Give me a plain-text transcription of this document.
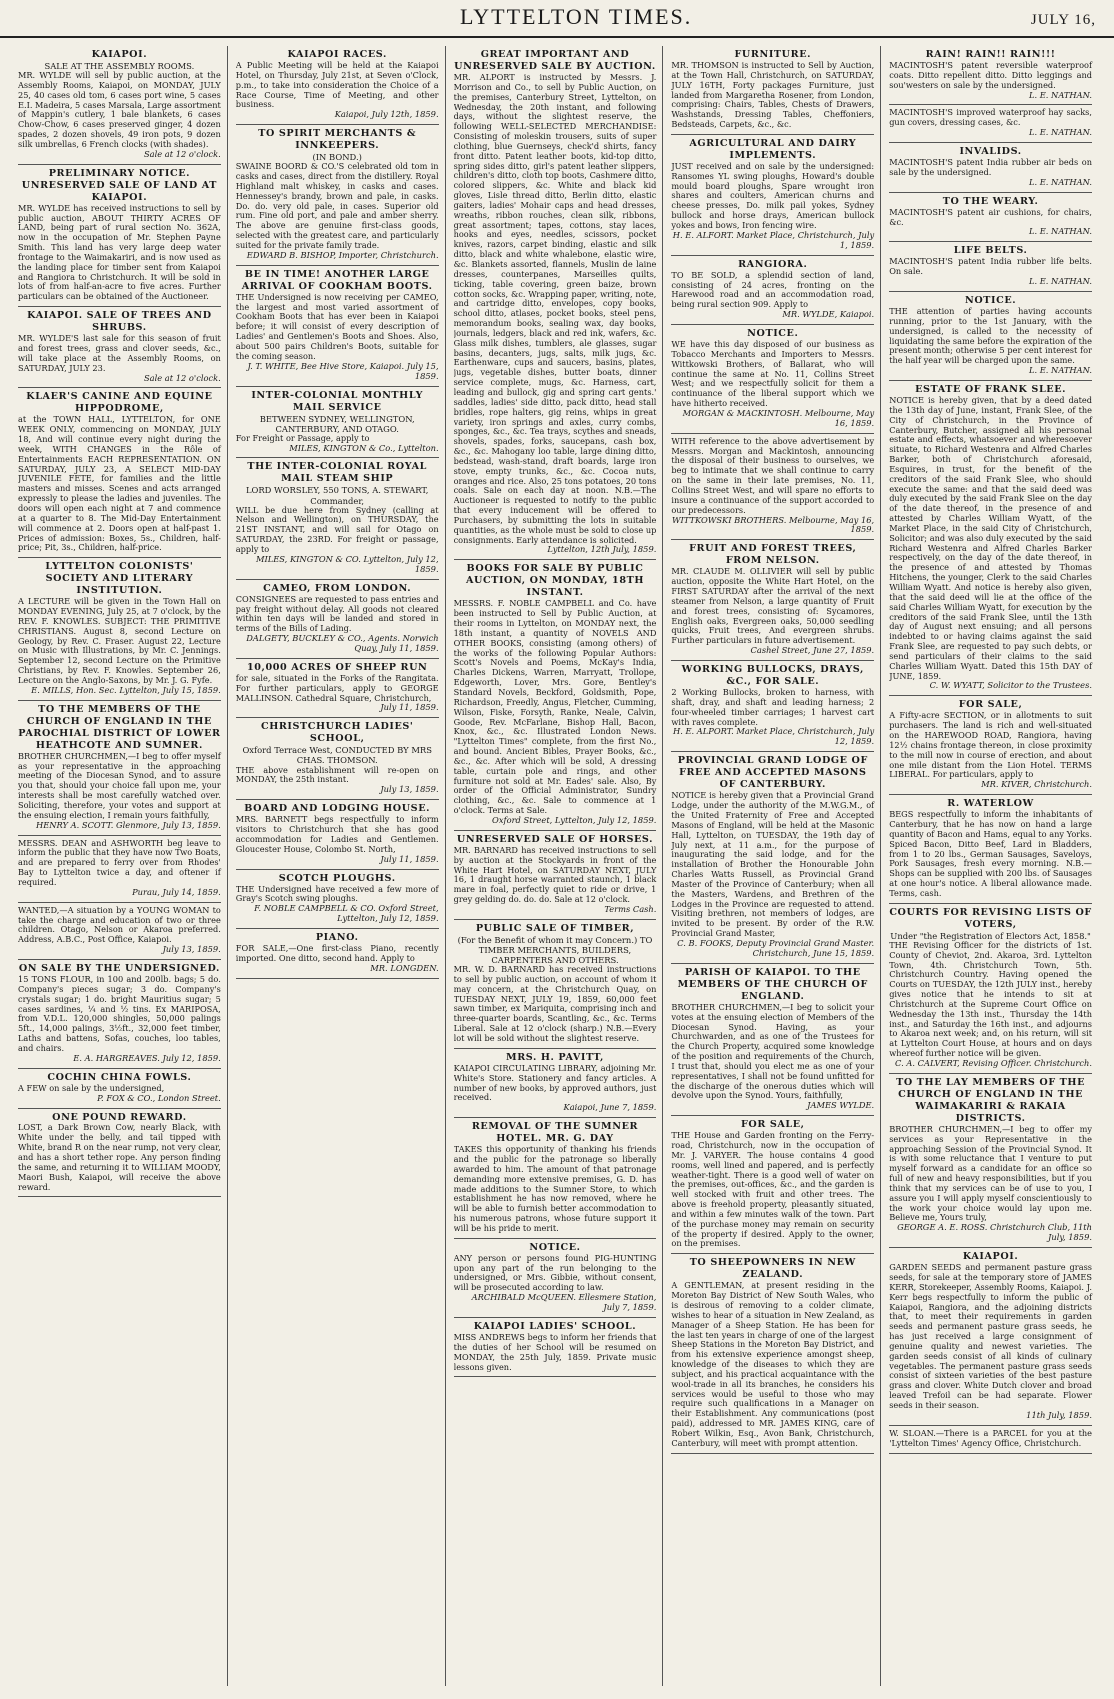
LYTTELTON TIMES.	JULY 16,
KAIAPOI.
SALE AT THE ASSEMBLY ROOMS.
MR. WYLDE will sell by public auction, at the Assembly Rooms, Kaiapoi, on MONDAY, JULY 25, 40 cases old tom, 6 cases port wine, 5 cases E.I. Madeira, 5 cases Marsala, Large assortment of Mappin's cutlery, 1 bale blankets, 6 cases Chow-Chow, 6 cases preserved ginger, 4 dozen spades, 2 dozen shovels, 49 iron pots, 9 dozen silk umbrellas, 6 French clocks (with shades).
Sale at 12 o'clock.
PRELIMINARY NOTICE. UNRESERVED SALE OF LAND AT KAIAPOI.
MR. WYLDE has received instructions to sell by public auction, ABOUT THIRTY ACRES OF LAND, being part of rural section No. 362A, now in the occupation of Mr. Stephen Payne Smith. This land has very large deep water frontage to the Waimakariri, and is now used as the landing place for timber sent from Kaiapoi and Rangiora to Christchurch. It will be sold in lots of from half-an-acre to five acres. Further particulars can be obtained of the Auctioneer.
KAIAPOI. SALE OF TREES AND SHRUBS.
MR. WYLDE'S last sale for this season of fruit and forest trees, grass and clover seeds, &c., will take place at the Assembly Rooms, on SATURDAY, JULY 23.
Sale at 12 o'clock.
KLAER'S CANINE AND EQUINE HIPPODROME,
at the TOWN HALL, LYTTELTON, for ONE WEEK ONLY, commencing on MONDAY, JULY 18, And will continue every night during the week, WITH CHANGES in the Rôle of Entertainments EACH REPRESENTATION. ON SATURDAY, JULY 23, A SELECT MID-DAY JUVENILE FETE, for families and the little masters and misses. Scenes and acts arranged expressly to please the ladies and juveniles. The doors will open each night at 7 and commence at a quarter to 8. The Mid-Day Entertainment will commence at 2. Doors open at half-past 1. Prices of admission: Boxes, 5s., Children, half-price; Pit, 3s., Children, half-price.
LYTTELTON COLONISTS' SOCIETY AND LITERARY INSTITUTION.
A LECTURE will be given in the Town Hall on MONDAY EVENING, July 25, at 7 o'clock, by the REV. F. KNOWLES. SUBJECT: THE PRIMITIVE CHRISTIANS. August 8, second Lecture on Geology, by Rev. C. Fraser. August 22, Lecture on Music with Illustrations, by Mr. C. Jennings. September 12, second Lecture on the Primitive Christians, by Rev. F. Knowles. September 26, Lecture on the Anglo-Saxons, by Mr. J. G. Fyfe.
E. MILLS, Hon. Sec. Lyttelton, July 15, 1859.
TO THE MEMBERS OF THE CHURCH OF ENGLAND IN THE PAROCHIAL DISTRICT OF LOWER HEATHCOTE AND SUMNER.
BROTHER CHURCHMEN,—I beg to offer myself as your representative in the approaching meeting of the Diocesan Synod, and to assure you that, should your choice fall upon me, your interests shall be most carefully watched over. Soliciting, therefore, your votes and support at the ensuing election, I remain yours faithfully,
HENRY A. SCOTT. Glenmore, July 13, 1859.
MESSRS. DEAN and ASHWORTH beg leave to inform the public that they have now Two Boats, and are prepared to ferry over from Rhodes' Bay to Lyttelton twice a day, and oftener if required.
Purau, July 14, 1859.
WANTED,—A situation by a YOUNG WOMAN to take the charge and education of two or three children. Otago, Nelson or Akaroa preferred. Address, A.B.C., Post Office, Kaiapoi.
July 13, 1859.
ON SALE BY THE UNDERSIGNED.
15 TONS FLOUR, in 100 and 200lb. bags; 5 do. Company's pieces sugar; 3 do. Company's crystals sugar; 1 do. bright Mauritius sugar; 5 cases sardines, ¼ and ½ tins. Ex MARIPOSA, from V.D.L. 120,000 shingles, 50,000 palings 5ft., 14,000 palings, 3½ft., 32,000 feet timber, Laths and battens, Sofas, couches, loo tables, and chairs.
E. A. HARGREAVES. July 12, 1859.
COCHIN CHINA FOWLS.
A FEW on sale by the undersigned,
P. FOX & CO., London Street.
ONE POUND REWARD.
LOST, a Dark Brown Cow, nearly Black, with White under the belly, and tail tipped with White, brand R on the near rump, not very clear, and has a short tether rope. Any person finding the same, and returning it to WILLIAM MOODY, Maori Bush, Kaiapoi, will receive the above reward.
KAIAPOI RACES.
A Public Meeting will be held at the Kaiapoi Hotel, on Thursday, July 21st, at Seven o'Clock, p.m., to take into consideration the Choice of a Race Course, Time of Meeting, and other business.
Kaiapoi, July 12th, 1859.
TO SPIRIT MERCHANTS & INNKEEPERS.
(IN BOND.)
SWAINE BOORD & CO.'S celebrated old tom in casks and cases, direct from the distillery. Royal Highland malt whiskey, in casks and cases. Hennessey's brandy, brown and pale, in casks. Do. do. very old pale, in cases. Superior old rum. Fine old port, and pale and amber sherry. The above are genuine first-class goods, selected with the greatest care, and particularly suited for the private family trade.
EDWARD B. BISHOP, Importer, Christchurch.
BE IN TIME! ANOTHER LARGE ARRIVAL OF COOKHAM BOOTS.
THE Undersigned is now receiving per CAMEO, the largest and most varied assortment of Cookham Boots that has ever been in Kaiapoi before; it will consist of every description of Ladies' and Gentlemen's Boots and Shoes. Also, about 500 pairs Children's Boots, suitable for the coming season.
J. T. WHITE, Bee Hive Store, Kaiapoi. July 15, 1859.
INTER-COLONIAL MONTHLY MAIL SERVICE
BETWEEN SYDNEY, WELLINGTON, CANTERBURY, AND OTAGO.
For Freight or Passage, apply to
MILES, KINGTON & Co., Lyttelton.
THE INTER-COLONIAL ROYAL MAIL STEAM SHIP
LORD WORSLEY, 550 TONS, A. STEWART, Commander,
WILL be due here from Sydney (calling at Nelson and Wellington), on THURSDAY, the 21ST INSTANT, and will sail for Otago on SATURDAY, the 23RD. For freight or passage, apply to
MILES, KINGTON & CO. Lyttelton, July 12, 1859.
CAMEO, FROM LONDON.
CONSIGNEES are requested to pass entries and pay freight without delay. All goods not cleared within ten days will be landed and stored in terms of the Bills of Lading.
DALGETY, BUCKLEY & CO., Agents. Norwich Quay, July 11, 1859.
10,000 ACRES OF SHEEP RUN
for sale, situated in the Forks of the Rangitata. For further particulars, apply to GEORGE MALLINSON. Cathedral Square, Christchurch,
July 11, 1859.
CHRISTCHURCH LADIES' SCHOOL,
Oxford Terrace West, CONDUCTED BY MRS CHAS. THOMSON.
THE above establishment will re-open on MONDAY, the 25th instant.
July 13, 1859.
BOARD AND LODGING HOUSE.
MRS. BARNETT begs respectfully to inform visitors to Christchurch that she has good accommodation for Ladies and Gentlemen. Gloucester House, Colombo St. North,
July 11, 1859.
SCOTCH PLOUGHS.
THE Undersigned have received a few more of Gray's Scotch swing ploughs.
F. NOBLE CAMPBELL & CO. Oxford Street, Lyttelton, July 12, 1859.
PIANO.
FOR SALE,—One first-class Piano, recently imported. One ditto, second hand. Apply to
MR. LONGDEN.
GREAT IMPORTANT AND UNRESERVED SALE BY AUCTION.
MR. ALPORT is instructed by Messrs. J. Morrison and Co., to sell by Public Auction, on the premises, Canterbury Street, Lyttelton, on Wednesday, the 20th instant, and following days, without the slightest reserve, the following WELL-SELECTED MERCHANDISE: Consisting of moleskin trousers, suits of super clothing, blue Guernseys, check'd shirts, fancy front ditto. Patent leather boots, kid-top ditto, spring sides ditto, girl's patent leather slippers, children's ditto, cloth top boots, Cashmere ditto, colored slippers, &c. White and black kid gloves, Lisle thread ditto, Berlin ditto, elastic gaiters, ladies' Mohair caps and head dresses, wreaths, ribbon rouches, clean silk, ribbons, great assortment; tapes, cottons, stay laces, hooks and eyes, needles, scissors, pocket knives, razors, carpet binding, elastic and silk ditto, black and white whalebone, elastic wire, &c. Blankets assorted, flannels, Muslin de laine dresses, counterpanes, Marseilles quilts, ticking, table covering, green baize, brown cotton socks, &c. Wrapping paper, writing, note, and cartridge ditto, envelopes, copy books, school ditto, atlases, pocket books, steel pens, memorandum books, sealing wax, day books, journals, ledgers, black and red ink, wafers, &c. Glass milk dishes, tumblers, ale glasses, sugar basins, decanters, jugs, salts, milk jugs, &c. Earthenware, cups and saucers, basins, plates, jugs, vegetable dishes, butter boats, dinner service complete, mugs, &c. Harness, cart, leading and bullock, gig and spring cart gents.' saddles, ladies' side ditto, pack ditto, head stall bridles, rope halters, gig reins, whips in great variety, iron springs and axles, curry combs, sponges, &c., &c. Tea trays, scythes and sneads, shovels, spades, forks, saucepans, cash box, &c., &c. Mahogany loo table, large dining ditto, bedstead, wash-stand, draft boards, large iron stove, empty trunks, &c., &c. Cocoa nuts, oranges and rice. Also, 25 tons potatoes, 20 tons coals. Sale on each day at noon. N.B.—The Auctioneer is requested to notify to the public that every inducement will be offered to Purchasers, by submitting the lots in suitable quantities, as the whole must be sold to close up consignments. Early attendance is solicited.
Lyttelton, 12th July, 1859.
BOOKS FOR SALE BY PUBLIC AUCTION, ON MONDAY, 18TH INSTANT.
MESSRS. F. NOBLE CAMPBELL and Co. have been instructed to Sell by Public Auction, at their rooms in Lyttelton, on MONDAY next, the 18th instant, a quantity of NOVELS AND OTHER BOOKS, consisting (among others) of the works of the following Popular Authors: Scott's Novels and Poems, McKay's India, Charles Dickens, Warren, Marryatt, Trollope, Edgeworth, Lover, Mrs. Gore, Bentley's Standard Novels, Beckford, Goldsmith, Pope, Richardson, Freedly, Angus, Fletcher, Cumming, Wilson, Fiske, Forsyth, Ranke, Neale, Calvin, Goode, Rev. McFarlane, Bishop Hall, Bacon, Knox, &c., &c. Illustrated London News. "Lyttelton Times" complete, from the first No., and bound. Ancient Bibles, Prayer Books, &c., &c., &c. After which will be sold, A dressing table, curtain pole and rings, and other furniture not sold at Mr. Eades' sale. Also, By order of the Official Administrator, Sundry clothing, &c., &c. Sale to commence at 1 o'clock. Terms at Sale.
Oxford Street, Lyttelton, July 12, 1859.
UNRESERVED SALE OF HORSES.
MR. BARNARD has received instructions to sell by auction at the Stockyards in front of the White Hart Hotel, on SATURDAY NEXT, JULY 16, 1 draught horse warranted staunch, 1 black mare in foal, perfectly quiet to ride or drive, 1 grey gelding do. do. do. Sale at 12 o'clock.
Terms Cash.
PUBLIC SALE OF TIMBER,
(For the Benefit of whom it may Concern.) TO TIMBER MERCHANTS, BUILDERS, CARPENTERS AND OTHERS.
MR. W. D. BARNARD has received instructions to sell by public auction, on account of whom it may concern, at the Christchurch Quay, on TUESDAY NEXT, JULY 19, 1859, 60,000 feet sawn timber, ex Mariquita, comprising inch and three-quarter boards, Scantling, &c., &c. Terms Liberal. Sale at 12 o'clock (sharp.) N.B.—Every lot will be sold without the slightest reserve.
MRS. H. PAVITT,
KAIAPOI CIRCULATING LIBRARY, adjoining Mr. White's Store. Stationery and fancy articles. A number of new books, by approved authors, just received.
Kaiapoi, June 7, 1859.
REMOVAL OF THE SUMNER HOTEL. MR. G. DAY
TAKES this opportunity of thanking his friends and the public for the patronage so liberally awarded to him. The amount of that patronage demanding more extensive premises, G. D. has made additions to the Sumner Store, to which establishment he has now removed, where he will be able to furnish better accommodation to his numerous patrons, whose future support it will be his pride to merit.
NOTICE.
ANY person or persons found PIG-HUNTING upon any part of the run belonging to the undersigned, or Mrs. Gibbie, without consent, will be prosecuted according to law.
ARCHIBALD McQUEEN. Ellesmere Station, July 7, 1859.
KAIAPOI LADIES' SCHOOL.
MISS ANDREWS begs to inform her friends that the duties of her School will be resumed on MONDAY, the 25th July, 1859. Private music lessons given.
FURNITURE.
MR. THOMSON is instructed to Sell by Auction, at the Town Hall, Christchurch, on SATURDAY, JULY 16TH, Forty packages Furniture, just landed from Margaretha Rosener, from London, comprising: Chairs, Tables, Chests of Drawers, Washstands, Dressing Tables, Cheffoniers, Bedsteads, Carpets, &c., &c.
AGRICULTURAL AND DAIRY IMPLEMENTS.
JUST received and on sale by the undersigned: Ransomes YL swing ploughs, Howard's double mould board ploughs, Spare wrought iron shares and coulters, American churns and cheese presses, Do. milk pail yokes, Sydney bullock and horse drays, American bullock yokes and bows, Iron fencing wire.
H. E. ALFORT. Market Place, Christchurch, July 1, 1859.
RANGIORA.
TO BE SOLD, a splendid section of land, consisting of 24 acres, fronting on the Harewood road and an accommodation road, being rural section 909. Apply to
MR. WYLDE, Kaiapoi.
NOTICE.
WE have this day disposed of our business as Tobacco Merchants and Importers to Messrs. Wittkowski Brothers, of Ballarat, who will continue the same at No. 11, Collins Street West; and we respectfully solicit for them a continuance of the liberal support which we have hitherto received.
MORGAN & MACKINTOSH. Melbourne, May 16, 1859.
WITH reference to the above advertisement by Messrs. Morgan and Mackintosh, announcing the disposal of their business to ourselves, we beg to intimate that we shall continue to carry on the same in their late premises, No. 11, Collins Street West, and will spare no efforts to insure a continuance of the support accorded to our predecessors.
WITTKOWSKI BROTHERS. Melbourne, May 16, 1859.
FRUIT AND FOREST TREES, FROM NELSON.
MR. CLAUDE M. OLLIVIER will sell by public auction, opposite the White Hart Hotel, on the FIRST SATURDAY after the arrival of the next steamer from Nelson, a large quantity of Fruit and forest trees, consisting of: Sycamores, English oaks, Evergreen oaks, 50,000 seedling quicks, Fruit trees, And evergreen shrubs. Further particulars in future advertisement.
Cashel Street, June 27, 1859.
WORKING BULLOCKS, DRAYS, &C., FOR SALE.
2 Working Bullocks, broken to harness, with shaft, dray, and shaft and leading harness; 2 four-wheeled timber carriages; 1 harvest cart with raves complete.
H. E. ALPORT. Market Place, Christchurch, July 12, 1859.
PROVINCIAL GRAND LODGE OF FREE AND ACCEPTED MASONS OF CANTERBURY.
NOTICE is hereby given that a Provincial Grand Lodge, under the authority of the M.W.G.M., of the United Fraternity of Free and Accepted Masons of England, will be held at the Masonic Hall, Lyttelton, on TUESDAY, the 19th day of July next, at 11 a.m., for the purpose of inaugurating the said lodge, and for the installation of Brother the Honourable John Charles Watts Russell, as Provincial Grand Master of the Province of Canterbury; when all the Masters, Wardens, and Brethren of the Lodges in the Province are requested to attend. Visiting brethren, not members of lodges, are invited to be present. By order of the R.W. Provincial Grand Master,
C. B. FOOKS, Deputy Provincial Grand Master. Christchurch, June 15, 1859.
PARISH OF KAIAPOI. TO THE MEMBERS OF THE CHURCH OF ENGLAND.
BROTHER CHURCHMEN,—I beg to solicit your votes at the ensuing election of Members of the Diocesan Synod. Having, as your Churchwarden, and as one of the Trustees for the Church Property, acquired some knowledge of the position and requirements of the Church, I trust that, should you elect me as one of your representatives, I shall not be found unfitted for the discharge of the onerous duties which will devolve upon the Synod. Yours, faithfully,
JAMES WYLDE.
FOR SALE,
THE House and Garden fronting on the Ferry-road, Christchurch, now in the occupation of Mr. J. VARYER. The house contains 4 good rooms, well lined and papered, and is perfectly weather-tight. There is a good well of water on the premises, out-offices, &c., and the garden is well stocked with fruit and other trees. The above is freehold property, pleasantly situated, and within a few minutes walk of the town. Part of the purchase money may remain on security of the property if desired. Apply to the owner, on the premises.
TO SHEEPOWNERS IN NEW ZEALAND.
A GENTLEMAN, at present residing in the Moreton Bay District of New South Wales, who is desirous of removing to a colder climate, wishes to hear of a situation in New Zealand, as Manager of a Sheep Station. He has been for the last ten years in charge of one of the largest Sheep Stations in the Moreton Bay District, and from his extensive experience amongst sheep, knowledge of the diseases to which they are subject, and his practical acquaintance with the wool-trade in all its branches, he considers his services would be useful to those who may require such qualifications in a Manager on their Establishment. Any communications (post paid), addressed to MR. JAMES KING, care of Robert Wilkin, Esq., Avon Bank, Christchurch, Canterbury, will meet with prompt attention.
RAIN! RAIN!! RAIN!!!
MACINTOSH'S patent reversible waterproof coats. Ditto repellent ditto. Ditto leggings and sou'westers on sale by the undersigned.
L. E. NATHAN.
MACINTOSH'S improved waterproof hay sacks, gun covers, dressing cases, &c.
L. E. NATHAN.
INVALIDS.
MACINTOSH'S patent India rubber air beds on sale by the undersigned.
L. E. NATHAN.
TO THE WEARY.
MACINTOSH'S patent air cushions, for chairs, &c.
L. E. NATHAN.
LIFE BELTS.
MACINTOSH'S patent India rubber life belts. On sale.
L. E. NATHAN.
NOTICE.
THE attention of parties having accounts running, prior to the 1st January, with the undersigned, is called to the necessity of liquidating the same before the expiration of the present month; otherwise 5 per cent interest for the half year will be charged upon the same.
L. E. NATHAN.
ESTATE OF FRANK SLEE.
NOTICE is hereby given, that by a deed dated the 13th day of June, instant, Frank Slee, of the City of Christchurch, in the Province of Canterbury, Butcher, assigned all his personal estate and effects, whatsoever and wheresoever situate, to Richard Westenra and Alfred Charles Barker, both of Christchurch aforesaid, Esquires, in trust, for the benefit of the creditors of the said Frank Slee, who should execute the same: and that the said deed was duly executed by the said Frank Slee on the day of the date thereof, in the presence of and attested by Charles William Wyatt, of the Market Place, in the said City of Christchurch, Solicitor; and was also duly executed by the said Richard Westenra and Alfred Charles Barker respectively, on the day of the date thereof, in the presence of and attested by Thomas Hitchens, the younger, Clerk to the said Charles William Wyatt. And notice is hereby also given, that the said deed will lie at the office of the said Charles William Wyatt, for execution by the creditors of the said Frank Slee, until the 13th day of August next ensuing; and all persons indebted to or having claims against the said Frank Slee, are requested to pay such debts, or send particulars of their claims to the said Charles William Wyatt. Dated this 15th DAY of JUNE, 1859.
C. W. WYATT, Solicitor to the Trustees.
FOR SALE,
A Fifty-acre SECTION, or in allotments to suit purchasers. The land is rich and well-situated on the HAREWOOD ROAD, Rangiora, having 12½ chains frontage thereon, in close proximity to the mill now in course of erection, and about one mile distant from the Lion Hotel. TERMS LIBERAL. For particulars, apply to
MR. KIVER, Christchurch.
R. WATERLOW
BEGS respectfully to inform the inhabitants of Canterbury, that he has now on hand a large quantity of Bacon and Hams, equal to any Yorks. Spiced Bacon, Ditto Beef, Lard in Bladders, from 1 to 20 lbs., German Sausages, Saveloys, Pork Sausages, fresh every morning. N.B.—Shops can be supplied with 200 lbs. of Sausages at one hour's notice. A liberal allowance made. Terms, cash.
COURTS FOR REVISING LISTS OF VOTERS,
Under "the Registration of Electors Act, 1858."
THE Revising Officer for the districts of 1st. County of Cheviot, 2nd. Akaroa, 3rd. Lyttelton Town, 4th. Christchurch Town, 5th. Christchurch Country. Having opened the Courts on TUESDAY, the 12th JULY inst., hereby gives notice that he intends to sit at Christchurch at the Supreme Court Office on Wednesday the 13th inst., Thursday the 14th inst., and Saturday the 16th inst., and adjourns to Akaroa next week; and, on his return, will sit at Lyttelton Court House, at hours and on days whereof further notice will be given.
C. A. CALVERT, Revising Officer. Christchurch.
TO THE LAY MEMBERS OF THE CHURCH OF ENGLAND IN THE WAIMAKARIRI & RAKAIA DISTRICTS.
BROTHER CHURCHMEN,—I beg to offer my services as your Representative in the approaching Session of the Provincial Synod. It is with some reluctance that I venture to put myself forward as a candidate for an office so full of new and heavy responsibilities, but if you think that my services can be of use to you, I assure you I will apply myself conscientiously to the work your choice would lay upon me. Believe me, Yours truly,
GEORGE A. E. ROSS. Christchurch Club, 11th July, 1859.
KAIAPOI.
GARDEN SEEDS and permanent pasture grass seeds, for sale at the temporary store of JAMES KERR, Storekeeper, Assembly Rooms, Kaiapoi. J. Kerr begs respectfully to inform the public of Kaiapoi, Rangiora, and the adjoining districts that, to meet their requirements in garden seeds and permanent pasture grass seeds, he has just received a large consignment of genuine quality and newest varieties. The garden seeds consist of all kinds of culinary vegetables. The permanent pasture grass seeds consist of sixteen varieties of the best pasture grass and clover. White Dutch clover and broad leaved Trefoil can be had separate. Flower seeds in their season.
11th July, 1859.
W. SLOAN.—There is a PARCEL for you at the 'Lyttelton Times' Agency Office, Christchurch.
